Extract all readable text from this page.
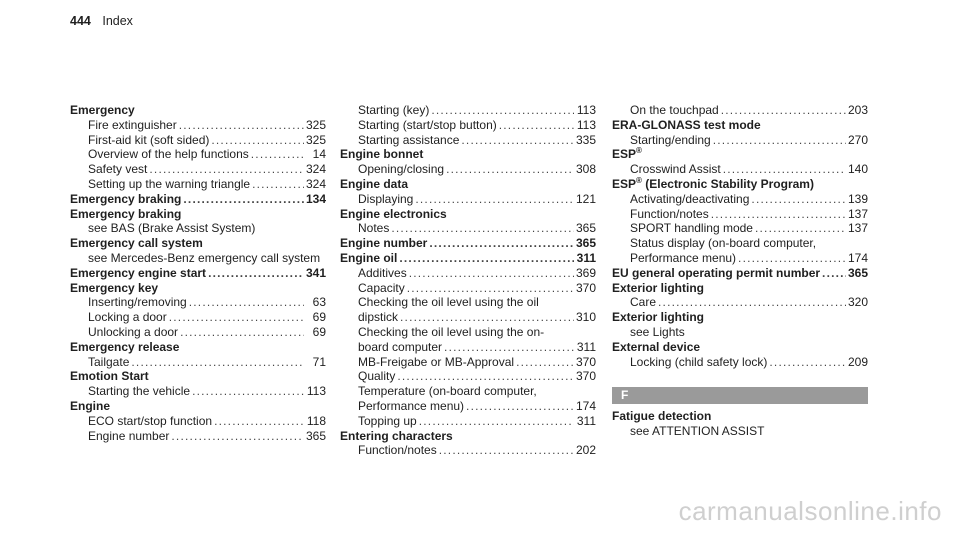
444 Index
Emergency
Fire extinguisher .....	325
First-aid kit (soft sided) .....	325
Overview of the help functions .....	14
Safety vest .....	324
Setting up the warning triangle .....	324
Emergency braking .....	134
Emergency braking
see BAS (Brake Assist System)
Emergency call system
see Mercedes-Benz emergency call system
Emergency engine start .....	341
Emergency key
Inserting/removing .....	63
Locking a door .....	69
Unlocking a door .....	69
Emergency release
Tailgate .....	71
Emotion Start
Starting the vehicle .....	113
Engine
ECO start/stop function .....	118
Engine number .....	365
Starting (key) .....	113
Starting (start/stop button) .....	113
Starting assistance .....	335
Engine bonnet
Opening/closing .....	308
Engine data
Displaying .....	121
Engine electronics
Notes .....	365
Engine number .....	365
Engine oil .....	311
Additives .....	369
Capacity .....	370
Checking the oil level using the oil
dipstick .....	310
Checking the oil level using the on-
board computer .....	311
MB-Freigabe or MB-Approval .....	370
Quality .....	370
Temperature (on-board computer,
Performance menu) .....	174
Topping up .....	311
Entering characters
Function/notes .....	202
On the touchpad .....	203
ERA-GLONASS test mode
Starting/ending .....	270
ESP®
Crosswind Assist .....	140
ESP® (Electronic Stability Program)
Activating/deactivating .....	139
Function/notes .....	137
SPORT handling mode .....	137
Status display (on-board computer,
Performance menu) .....	174
EU general operating permit number ..... 365
Exterior lighting
Care .....	320
Exterior lighting
see Lights
External device
Locking (child safety lock) .....	209
F
Fatigue detection
see ATTENTION ASSIST
carmanualsonline.info
